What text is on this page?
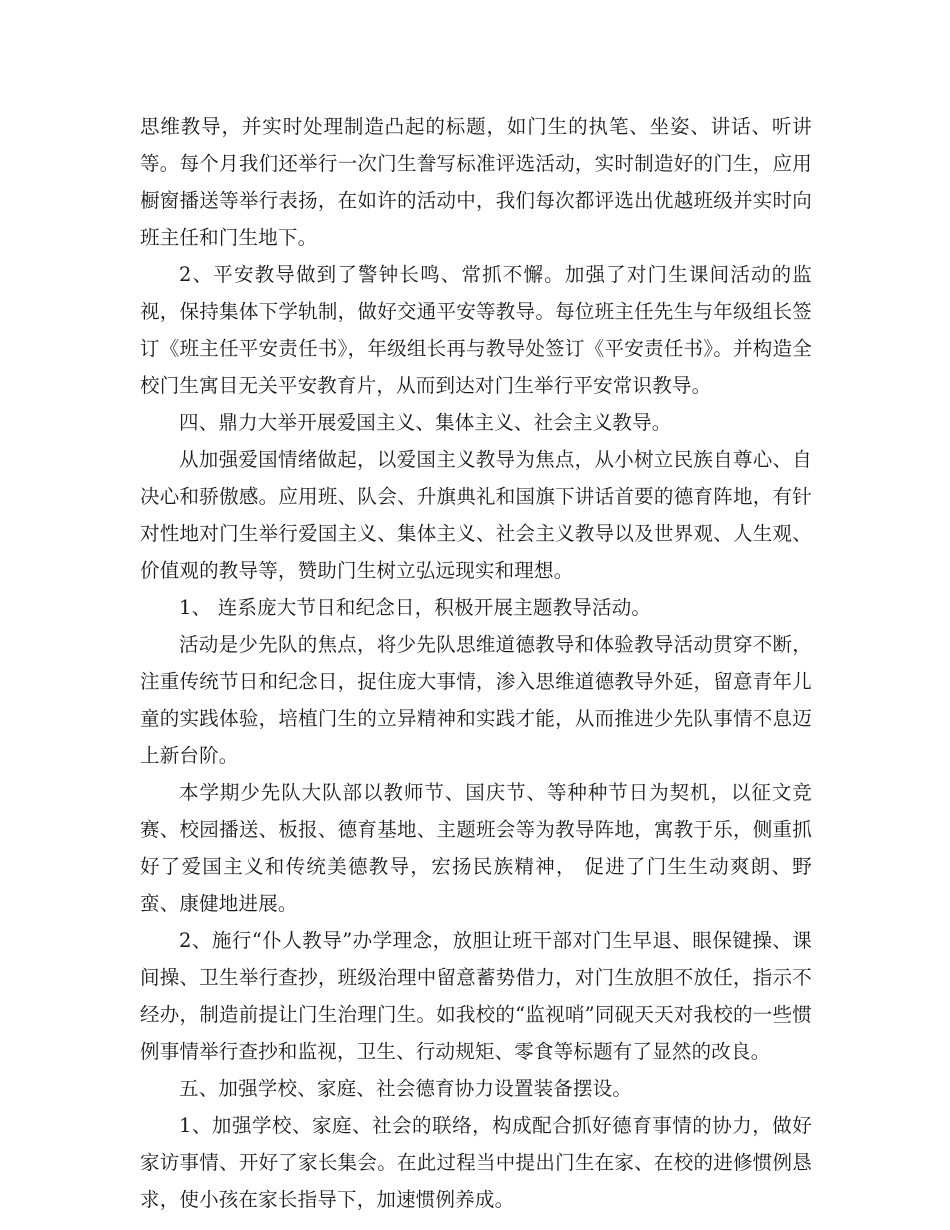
思维教导，并实时处理制造凸起的标题，如门生的执笔、坐姿、讲话、听讲等。每个月我们还举行一次门生誊写标准评选活动，实时制造好的门生，应用橱窗播送等举行表扬，在如许的活动中，我们每次都评选出优越班级并实时向班主任和门生地下。

2、平安教导做到了警钟长鸣、常抓不懈。加强了对门生课间活动的监视，保持集体下学轨制，做好交通平安等教导。每位班主任先生与年级组长签订《班主任平安责任书》，年级组长再与教导处签订《平安责任书》。并构造全校门生寓目无关平安教育片，从而到达对门生举行平安常识教导。

四、鼎力大举开展爱国主义、集体主义、社会主义教导。

从加强爱国情绪做起，以爱国主义教导为焦点，从小树立民族自尊心、自决心和骄傲感。应用班、队会、升旗典礼和国旗下讲话首要的德育阵地，有针对性地对门生举行爱国主义、集体主义、社会主义教导以及世界观、人生观、价值观的教导等，赞助门生树立弘远现实和理想。

1、 连系庞大节日和纪念日，积极开展主题教导活动。

活动是少先队的焦点，将少先队思维道德教导和体验教导活动贯穿不断，注重传统节日和纪念日，捉住庞大事情，渗入思维道德教导外延，留意青年儿童的实践体验，培植门生的立异精神和实践才能，从而推进少先队事情不息迈上新台阶。

本学期少先队大队部以教师节、国庆节、等种种节日为契机，以征文竞赛、校园播送、板报、德育基地、主题班会等为教导阵地，寓教于乐，侧重抓好了爱国主义和传统美德教导，宏扬民族精神， 促进了门生生动爽朗、野蛮、康健地进展。

2、施行“仆人教导”办学理念，放胆让班干部对门生早退、眼保键操、课间操、卫生举行查抄，班级治理中留意蓄势借力，对门生放胆不放任，指示不经办，制造前提让门生治理门生。如我校的“监视哨”同砚天天对我校的一些惯例事情举行查抄和监视，卫生、行动规矩、零食等标题有了显然的改良。

五、加强学校、家庭、社会德育协力设置装备摆设。

1、加强学校、家庭、社会的联络，构成配合抓好德育事情的协力，做好家访事情、开好了家长集会。在此过程当中提出门生在家、在校的进修惯例恳求，使小孩在家长指导下，加速惯例养成。
